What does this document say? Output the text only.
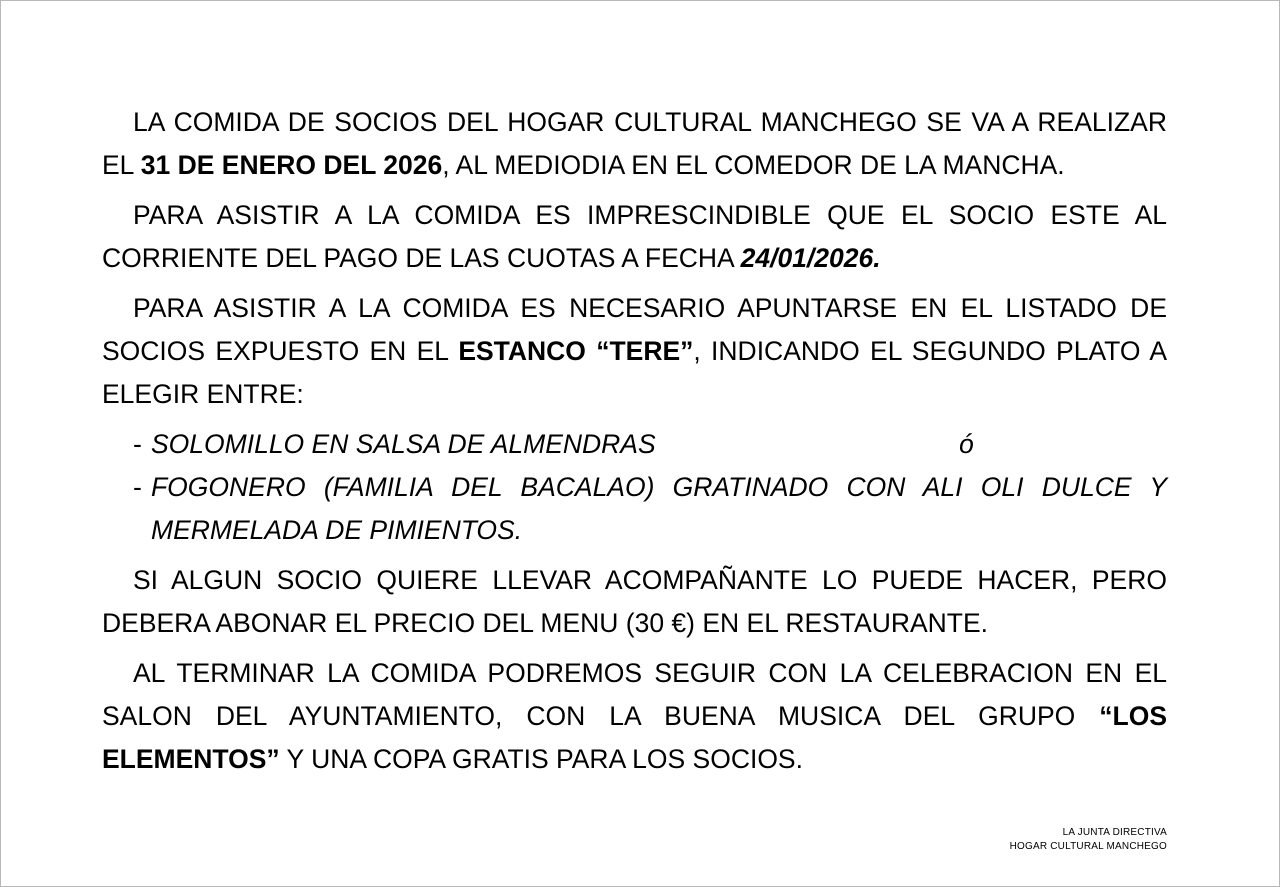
LA COMIDA DE SOCIOS DEL HOGAR CULTURAL MANCHEGO SE VA A REALIZAR EL 31 DE ENERO DEL 2026, AL MEDIODIA EN EL COMEDOR DE LA MANCHA.

PARA ASISTIR A LA COMIDA ES IMPRESCINDIBLE QUE EL SOCIO ESTE AL CORRIENTE DEL PAGO DE LAS CUOTAS A FECHA 24/01/2026.

PARA ASISTIR A LA COMIDA ES NECESARIO APUNTARSE EN EL LISTADO DE SOCIOS EXPUESTO EN EL ESTANCO “TERE”, INDICANDO EL SEGUNDO PLATO A ELEGIR ENTRE:

- SOLOMILLO EN SALSA DE ALMENDRAS	ó
- FOGONERO (FAMILIA DEL BACALAO) GRATINADO CON ALI OLI DULCE Y MERMELADA DE PIMIENTOS.

SI ALGUN SOCIO QUIERE LLEVAR ACOMPAÑANTE LO PUEDE HACER, PERO DEBERA ABONAR EL PRECIO DEL MENU (30 €) EN EL RESTAURANTE.

AL TERMINAR LA COMIDA PODREMOS SEGUIR CON LA CELEBRACION EN EL SALON DEL AYUNTAMIENTO, CON LA BUENA MUSICA DEL GRUPO “LOS ELEMENTOS” Y UNA COPA GRATIS PARA LOS SOCIOS.

LA JUNTA DIRECTIVA
HOGAR CULTURAL MANCHEGO
